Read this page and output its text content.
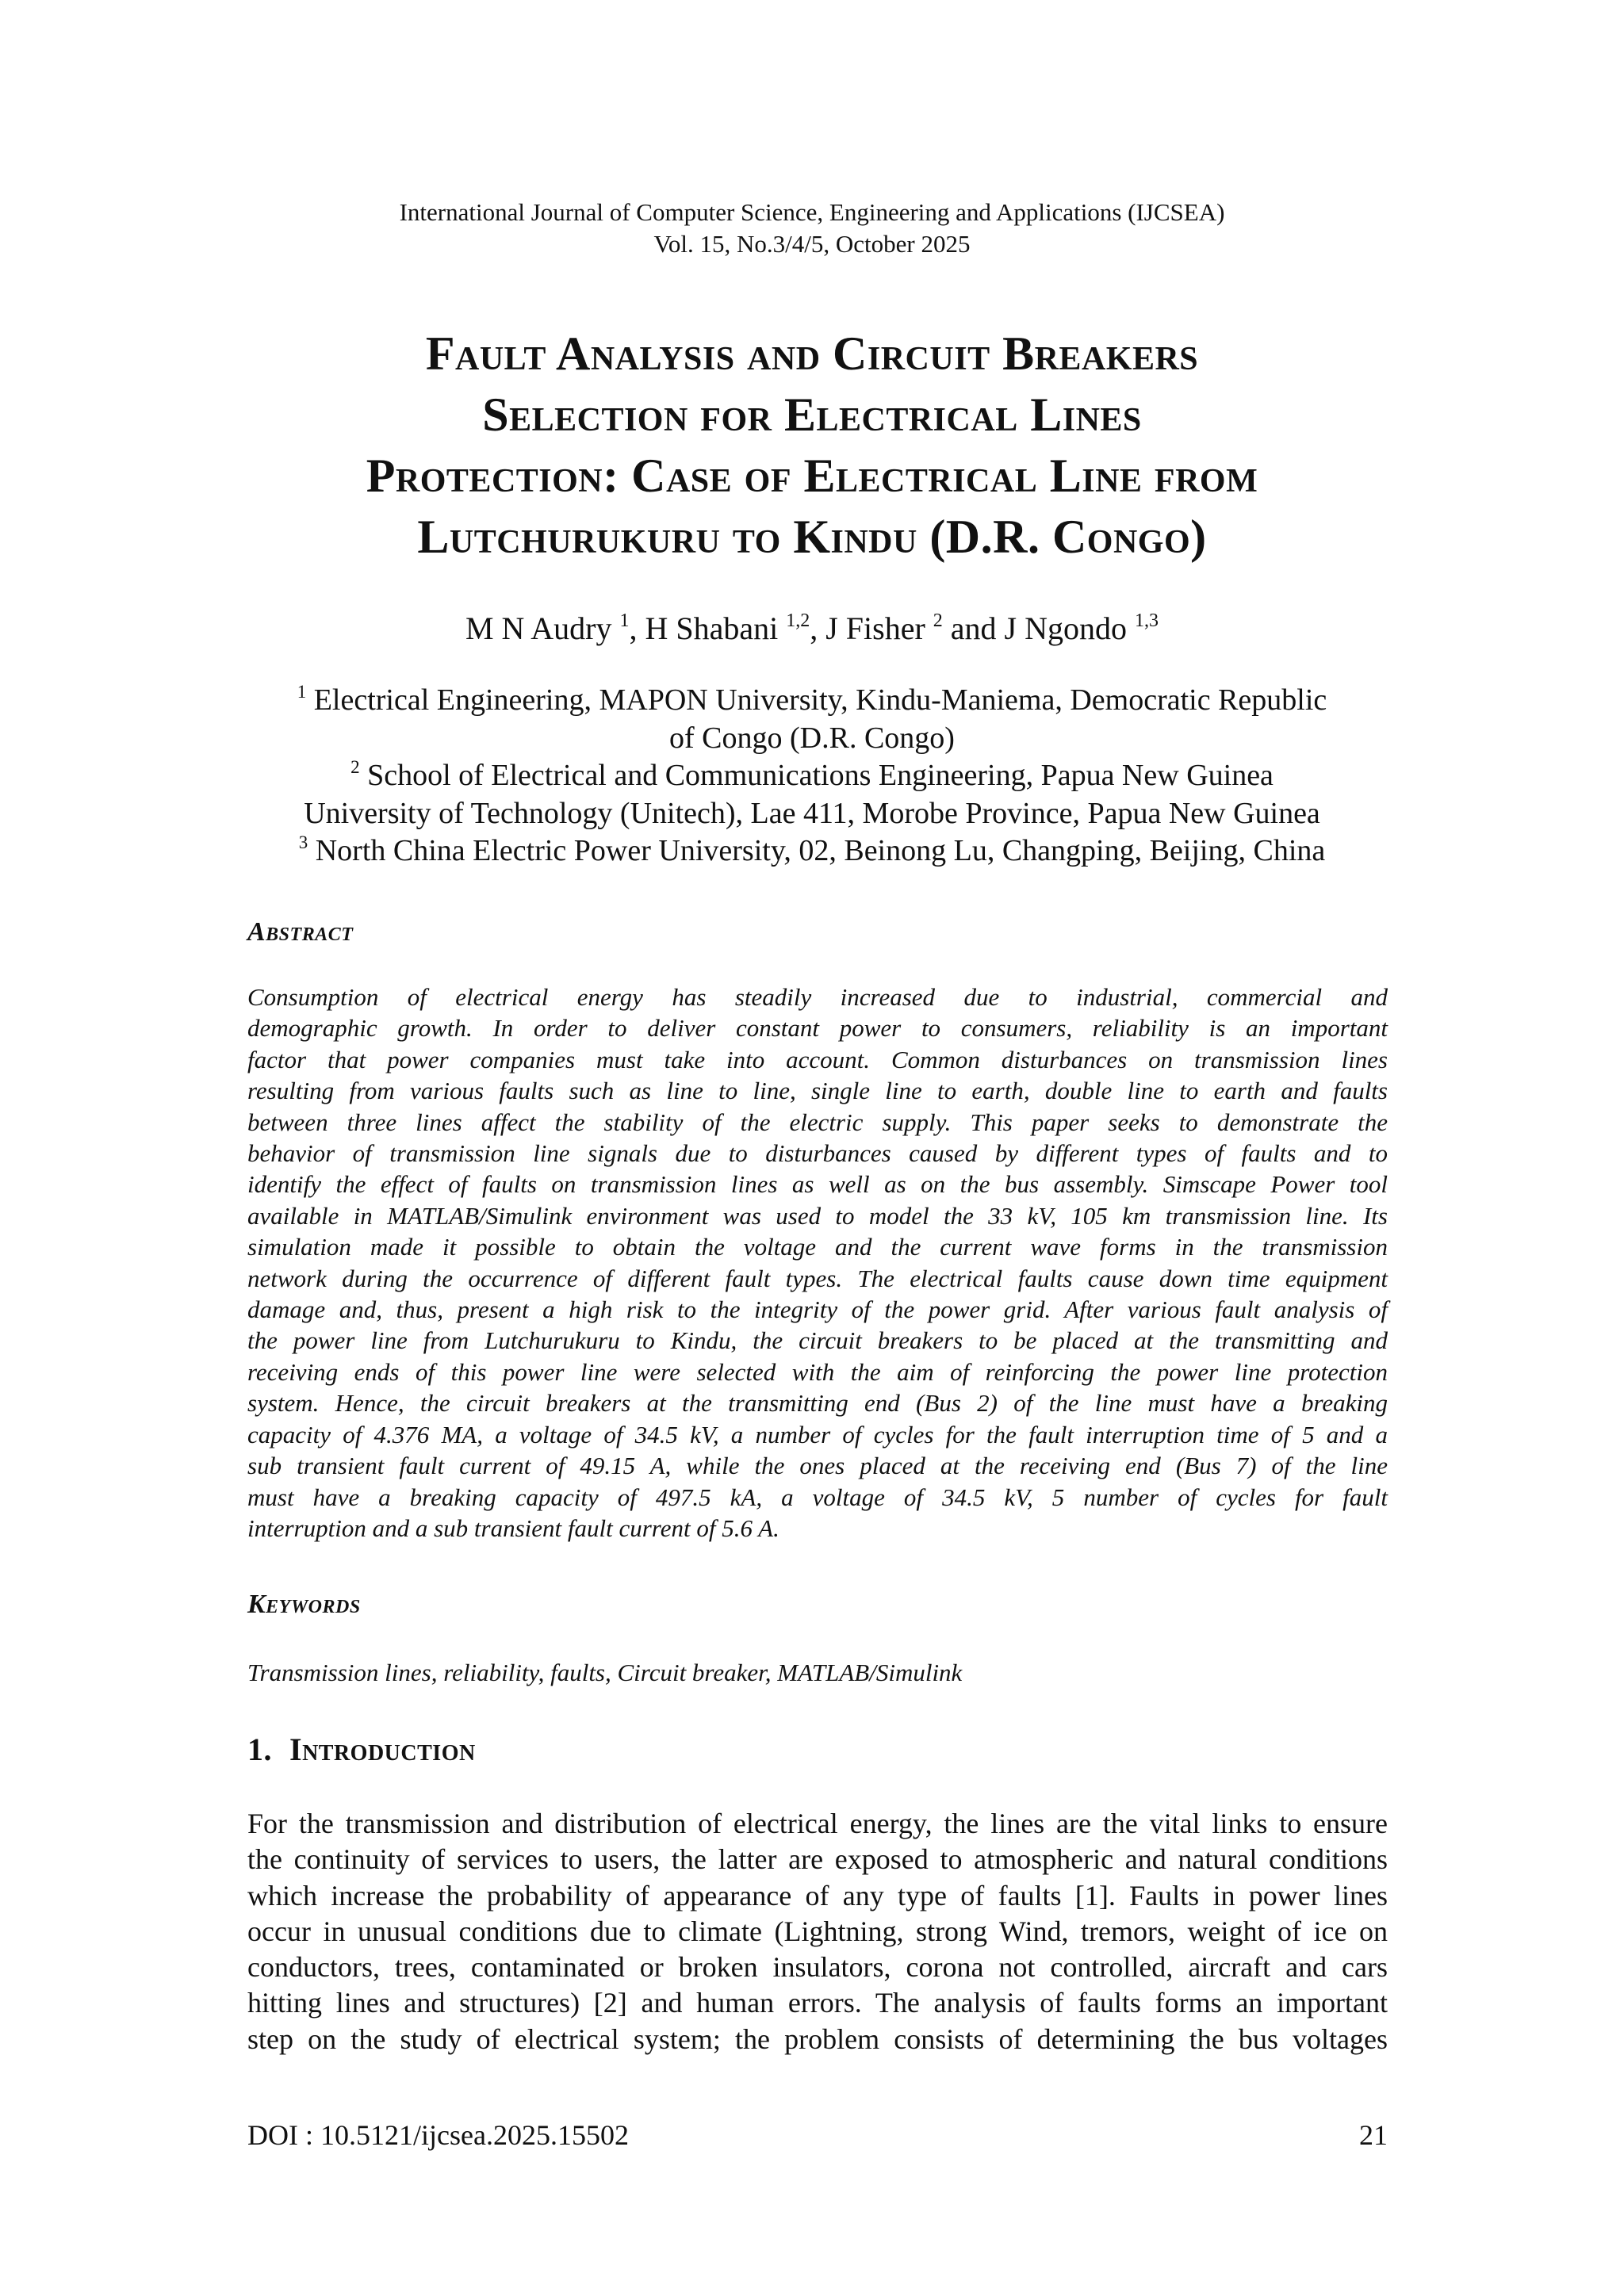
International Journal of Computer Science, Engineering and Applications (IJCSEA)
Vol. 15, No.3/4/5, October 2025
Fault Analysis and Circuit Breakers
Selection for Electrical Lines
Protection: Case of Electrical Line from
Lutchurukuru to Kindu (D.R. Congo)
M N Audry $^1$, H Shabani $^{1,2}$, J Fisher $^2$ and J Ngondo $^{1,3}$
$^1$ Electrical Engineering, MAPON University, Kindu-Maniema, Democratic Republic
of Congo (D.R. Congo)
$^2$ School of Electrical and Communications Engineering, Papua New Guinea
University of Technology (Unitech), Lae 411, Morobe Province, Papua New Guinea
$^3$ North China Electric Power University, 02, Beinong Lu, Changping, Beijing, China
Abstract
Consumption of electrical energy has steadily increased due to industrial, commercial and
demographic growth. In order to deliver constant power to consumers, reliability is an important
factor that power companies must take into account. Common disturbances on transmission lines
resulting from various faults such as line to line, single line to earth, double line to earth and faults
between three lines affect the stability of the electric supply. This paper seeks to demonstrate the
behavior of transmission line signals due to disturbances caused by different types of faults and to
identify the effect of faults on transmission lines as well as on the bus assembly. Simscape Power tool
available in MATLAB/Simulink environment was used to model the 33 kV, 105 km transmission line. Its
simulation made it possible to obtain the voltage and the current wave forms in the transmission
network during the occurrence of different fault types. The electrical faults cause down time equipment
damage and, thus, present a high risk to the integrity of the power grid. After various fault analysis of
the power line from Lutchurukuru to Kindu, the circuit breakers to be placed at the transmitting and
receiving ends of this power line were selected with the aim of reinforcing the power line protection
system. Hence, the circuit breakers at the transmitting end (Bus 2) of the line must have a breaking
capacity of 4.376 MA, a voltage of 34.5 kV, a number of cycles for the fault interruption time of 5 and a
sub transient fault current of 49.15 A, while the ones placed at the receiving end (Bus 7) of the line
must have a breaking capacity of 497.5 kA, a voltage of 34.5 kV, 5 number of cycles for fault
interruption and a sub transient fault current of 5.6 A.
Keywords
Transmission lines, reliability, faults, Circuit breaker, MATLAB/Simulink
1. Introduction
For the transmission and distribution of electrical energy, the lines are the vital links to ensure
the continuity of services to users, the latter are exposed to atmospheric and natural conditions
which increase the probability of appearance of any type of faults [1]. Faults in power lines
occur in unusual conditions due to climate (Lightning, strong Wind, tremors, weight of ice on
conductors, trees, contaminated or broken insulators, corona not controlled, aircraft and cars
hitting lines and structures) [2] and human errors. The analysis of faults forms an important
step on the study of electrical system; the problem consists of determining the bus voltages
DOI : 10.5121/ijcsea.2025.15502	21
